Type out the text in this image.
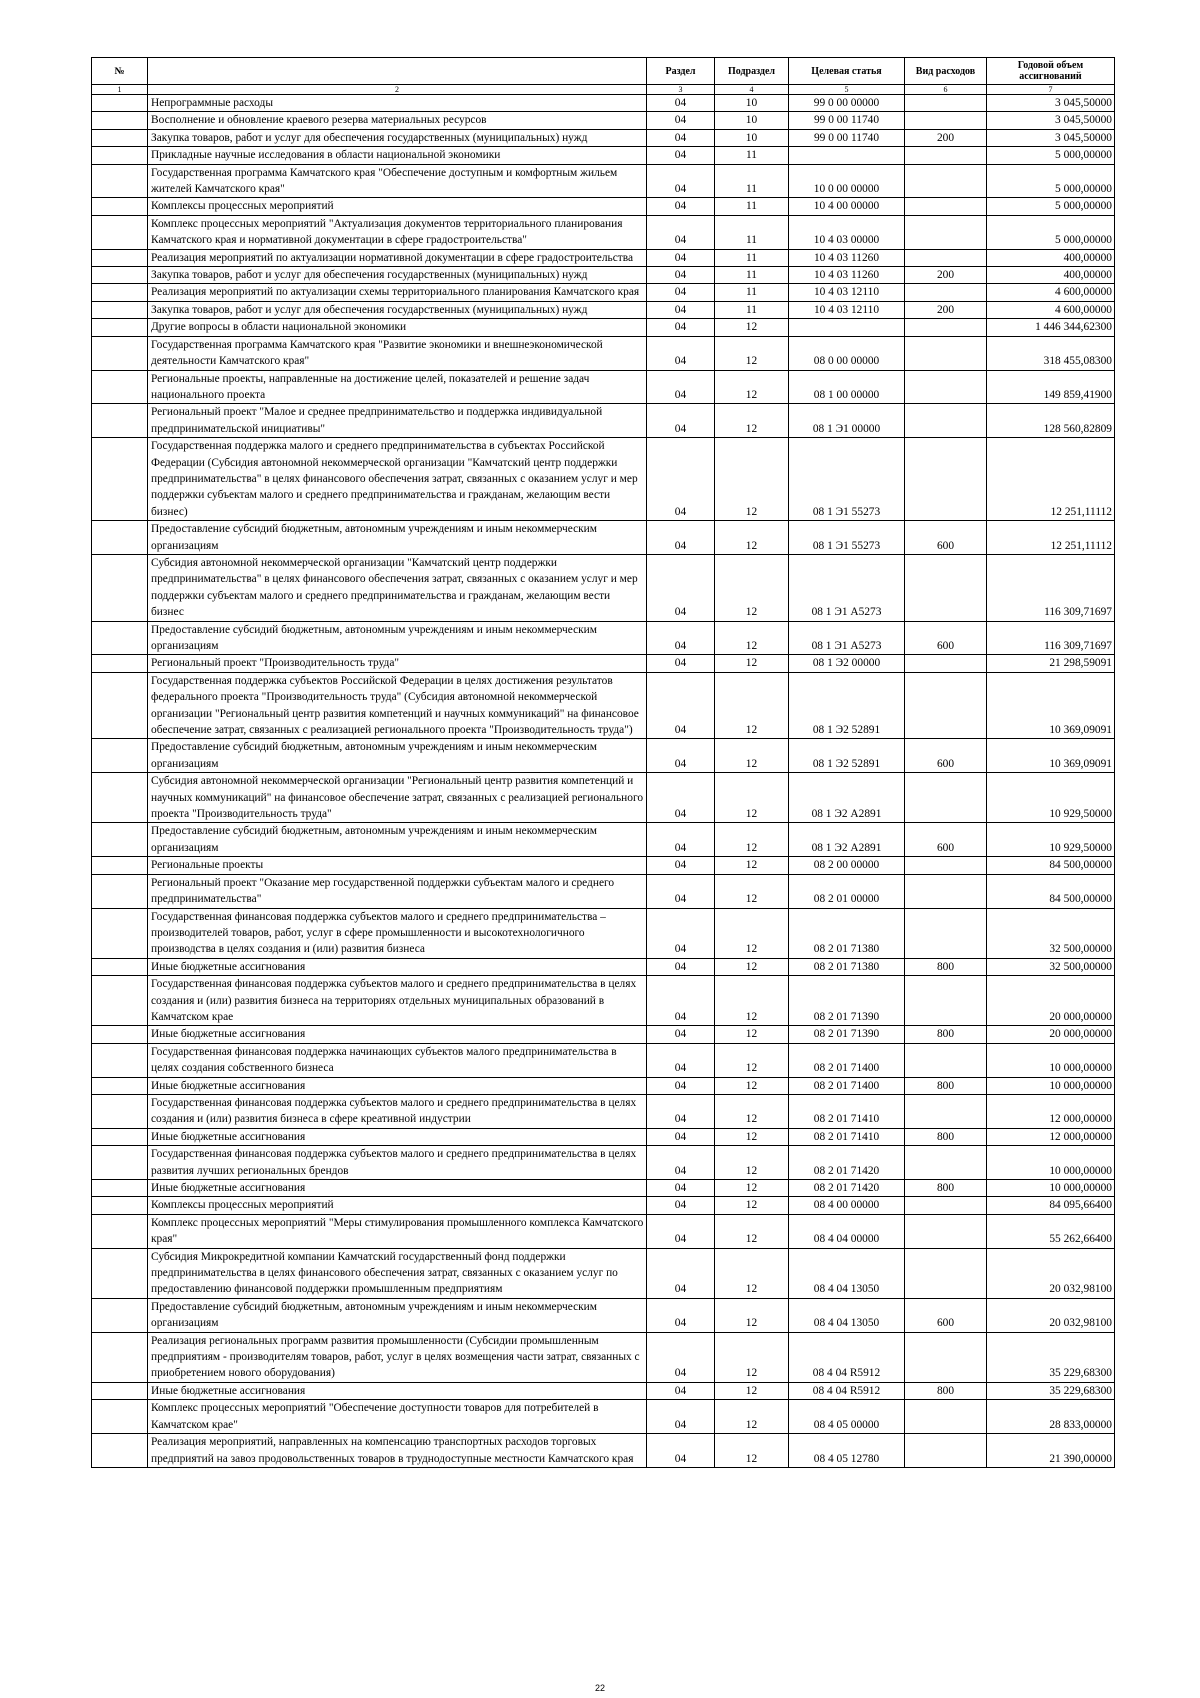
№		Раздел	Подраздел	Целевая статья	Вид расходов	Годовой объем ассигнований
1	2	3	4	5	6	7
	Непрограммные расходы	04	10	99 0 00 00000		3 045,50000
	Восполнение и обновление краевого резерва материальных ресурсов	04	10	99 0 00 11740		3 045,50000
	Закупка товаров, работ и услуг для обеспечения государственных (муниципальных) нужд	04	10	99 0 00 11740	200	3 045,50000
	Прикладные научные исследования в области национальной экономики	04	11			5 000,00000
	Государственная программа Камчатского края "Обеспечение доступным и комфортным жильем жителей Камчатского края"	04	11	10 0 00 00000		5 000,00000
	Комплексы процессных мероприятий	04	11	10 4 00 00000		5 000,00000
	Комплекс процессных мероприятий "Актуализация документов территориального планирования Камчатского края и нормативной документации в сфере градостроительства"	04	11	10 4 03 00000		5 000,00000
	Реализация мероприятий по актуализации нормативной документации в сфере градостроительства	04	11	10 4 03 11260		400,00000
	Закупка товаров, работ и услуг для обеспечения государственных (муниципальных) нужд	04	11	10 4 03 11260	200	400,00000
	Реализация мероприятий по актуализации схемы территориального планирования Камчатского края	04	11	10 4 03 12110		4 600,00000
	Закупка товаров, работ и услуг для обеспечения государственных (муниципальных) нужд	04	11	10 4 03 12110	200	4 600,00000
	Другие вопросы в области национальной экономики	04	12			1 446 344,62300
	Государственная программа Камчатского края "Развитие экономики и внешнеэкономической деятельности Камчатского края"	04	12	08 0 00 00000		318 455,08300
	Региональные проекты, направленные на достижение целей, показателей и решение задач национального проекта	04	12	08 1 00 00000		149 859,41900
	Региональный проект "Малое и среднее предпринимательство и поддержка индивидуальной предпринимательской инициативы"	04	12	08 1 Э1 00000		128 560,82809
	Государственная поддержка малого и среднего предпринимательства в субъектах Российской Федерации (Субсидия автономной некоммерческой организации "Камчатский центр поддержки предпринимательства" в целях финансового обеспечения затрат, связанных с оказанием услуг и мер поддержки субъектам малого и среднего предпринимательства и гражданам, желающим вести бизнес)	04	12	08 1 Э1 55273		12 251,11112
	Предоставление субсидий бюджетным, автономным учреждениям и иным некоммерческим организациям	04	12	08 1 Э1 55273	600	12 251,11112
	Субсидия автономной некоммерческой организации "Камчатский центр поддержки предпринимательства" в целях финансового обеспечения затрат, связанных с оказанием услуг и мер поддержки субъектам малого и среднего предпринимательства и гражданам, желающим вести бизнес	04	12	08 1 Э1 А5273		116 309,71697
	Предоставление субсидий бюджетным, автономным учреждениям и иным некоммерческим организациям	04	12	08 1 Э1 А5273	600	116 309,71697
	Региональный проект "Производительность труда"	04	12	08 1 Э2 00000		21 298,59091
	Государственная поддержка субъектов Российской Федерации в целях достижения результатов федерального проекта "Производительность труда" (Субсидия автономной некоммерческой организации "Региональный центр развития компетенций и научных коммуникаций" на финансовое обеспечение затрат, связанных с реализацией регионального проекта "Производительность труда")	04	12	08 1 Э2 52891		10 369,09091
	Предоставление субсидий бюджетным, автономным учреждениям и иным некоммерческим организациям	04	12	08 1 Э2 52891	600	10 369,09091
	Субсидия автономной некоммерческой организации "Региональный центр развития компетенций и научных коммуникаций" на финансовое обеспечение затрат, связанных с реализацией регионального проекта "Производительность труда"	04	12	08 1 Э2 А2891		10 929,50000
	Предоставление субсидий бюджетным, автономным учреждениям и иным некоммерческим организациям	04	12	08 1 Э2 А2891	600	10 929,50000
	Региональные проекты	04	12	08 2 00 00000		84 500,00000
	Региональный проект "Оказание мер государственной поддержки субъектам малого и среднего предпринимательства"	04	12	08 2 01 00000		84 500,00000
	Государственная финансовая поддержка субъектов малого и среднего предпринимательства – производителей товаров, работ, услуг в сфере промышленности и высокотехнологичного производства в целях создания и (или) развития бизнеса	04	12	08 2 01 71380		32 500,00000
	Иные бюджетные ассигнования	04	12	08 2 01 71380	800	32 500,00000
	Государственная финансовая поддержка субъектов малого и среднего предпринимательства в целях создания и (или) развития бизнеса на территориях отдельных муниципальных образований в Камчатском крае	04	12	08 2 01 71390		20 000,00000
	Иные бюджетные ассигнования	04	12	08 2 01 71390	800	20 000,00000
	Государственная финансовая поддержка начинающих субъектов малого предпринимательства в целях создания собственного бизнеса	04	12	08 2 01 71400		10 000,00000
	Иные бюджетные ассигнования	04	12	08 2 01 71400	800	10 000,00000
	Государственная финансовая поддержка субъектов малого и среднего предпринимательства в целях создания и (или) развития бизнеса в сфере креативной индустрии	04	12	08 2 01 71410		12 000,00000
	Иные бюджетные ассигнования	04	12	08 2 01 71410	800	12 000,00000
	Государственная финансовая поддержка субъектов малого и среднего предпринимательства в целях развития лучших региональных брендов	04	12	08 2 01 71420		10 000,00000
	Иные бюджетные ассигнования	04	12	08 2 01 71420	800	10 000,00000
	Комплексы процессных мероприятий	04	12	08 4 00 00000		84 095,66400
	Комплекс процессных мероприятий "Меры стимулирования промышленного комплекса Камчатского края"	04	12	08 4 04 00000		55 262,66400
	Субсидия Микрокредитной компании Камчатский государственный фонд поддержки предпринимательства в целях финансового обеспечения затрат, связанных с оказанием услуг по предоставлению финансовой поддержки промышленным предприятиям	04	12	08 4 04 13050		20 032,98100
	Предоставление субсидий бюджетным, автономным учреждениям и иным некоммерческим организациям	04	12	08 4 04 13050	600	20 032,98100
	Реализация региональных программ развития промышленности (Субсидии промышленным предприятиям - производителям товаров, работ, услуг в целях возмещения части затрат, связанных с приобретением нового оборудования)	04	12	08 4 04 R5912		35 229,68300
	Иные бюджетные ассигнования	04	12	08 4 04 R5912	800	35 229,68300
	Комплекс процессных мероприятий "Обеспечение доступности товаров для потребителей в Камчатском крае"	04	12	08 4 05 00000		28 833,00000
	Реализация мероприятий, направленных на компенсацию транспортных расходов торговых предприятий на завоз продовольственных товаров в труднодоступные местности Камчатского края	04	12	08 4 05 12780		21 390,00000
22
